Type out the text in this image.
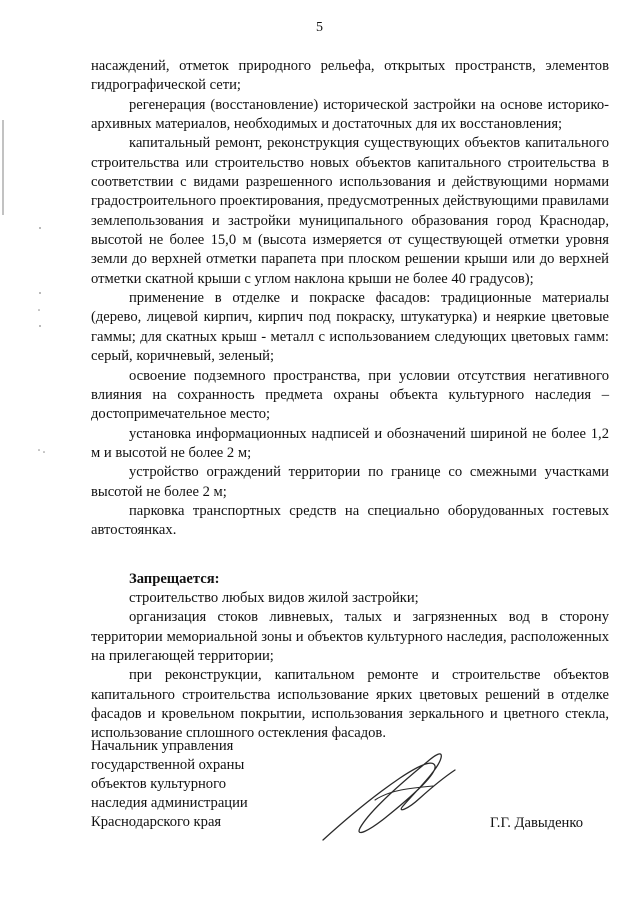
5

насаждений, отметок природного рельефа, открытых пространств, элементов гидрографической сети;

регенерация (восстановление) исторической застройки на основе историко-архивных материалов, необходимых и достаточных для их восстановления;

капитальный ремонт, реконструкция существующих объектов капитального строительства или строительство новых объектов капитального строительства в соответствии с видами разрешенного использования и действующими нормами градостроительного проектирования, предусмотренных действующими правилами землепользования и застройки муниципального образования город Краснодар, высотой не более 15,0 м (высота измеряется от существующей отметки уровня земли до верхней отметки парапета при плоском решении крыши или до верхней отметки скатной крыши с углом наклона крыши не более 40 градусов);

применение в отделке и покраске фасадов: традиционные материалы (дерево, лицевой кирпич, кирпич под покраску, штукатурка) и неяркие цветовые гаммы; для скатных крыш - металл с использованием следующих цветовых гамм: серый, коричневый, зеленый;

освоение подземного пространства, при условии отсутствия негативного влияния на сохранность предмета охраны объекта культурного наследия – достопримечательное место;

установка информационных надписей и обозначений шириной не более 1,2 м и высотой не более 2 м;

устройство ограждений территории по границе со смежными участками высотой не более 2 м;

парковка транспортных средств на специально оборудованных гостевых автостоянках.

Запрещается:

строительство любых видов жилой застройки;

организация стоков ливневых, талых и загрязненных вод в сторону территории мемориальной зоны и объектов культурного наследия, расположенных на прилегающей территории;

при реконструкции, капитальном ремонте и строительстве объектов капитального строительства использование ярких цветовых решений в отделке фасадов и кровельном покрытии, использования зеркального и цветного стекла, использование сплошного остекления фасадов.

Начальник управления
государственной охраны
объектов культурного
наследия администрации
Краснодарского края	Г.Г. Давыденко
